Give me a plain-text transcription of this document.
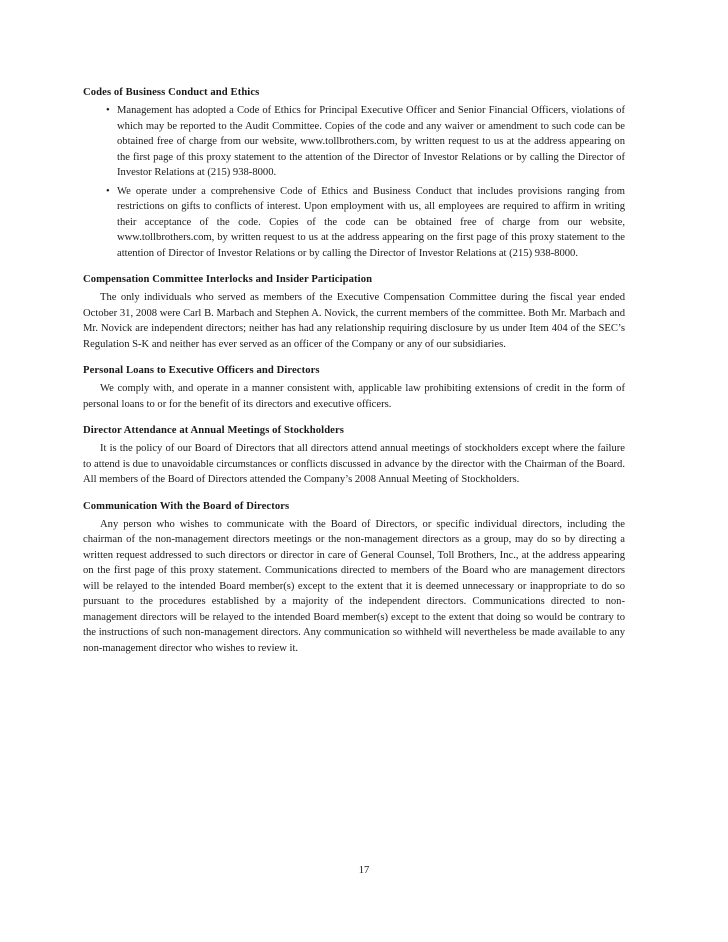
Codes of Business Conduct and Ethics
• Management has adopted a Code of Ethics for Principal Executive Officer and Senior Financial Officers, violations of which may be reported to the Audit Committee. Copies of the code and any waiver or amendment to such code can be obtained free of charge from our website, www.tollbrothers.com, by written request to us at the address appearing on the first page of this proxy statement to the attention of the Director of Investor Relations or by calling the Director of Investor Relations at (215) 938-8000.
• We operate under a comprehensive Code of Ethics and Business Conduct that includes provisions ranging from restrictions on gifts to conflicts of interest. Upon employment with us, all employees are required to affirm in writing their acceptance of the code. Copies of the code can be obtained free of charge from our website, www.tollbrothers.com, by written request to us at the address appearing on the first page of this proxy statement to the attention of Director of Investor Relations or by calling the Director of Investor Relations at (215) 938-8000.
Compensation Committee Interlocks and Insider Participation

The only individuals who served as members of the Executive Compensation Committee during the fiscal year ended October 31, 2008 were Carl B. Marbach and Stephen A. Novick, the current members of the committee. Both Mr. Marbach and Mr. Novick are independent directors; neither has had any relationship requiring disclosure by us under Item 404 of the SEC’s Regulation S-K and neither has ever served as an officer of the Company or any of our subsidiaries.

Personal Loans to Executive Officers and Directors

We comply with, and operate in a manner consistent with, applicable law prohibiting extensions of credit in the form of personal loans to or for the benefit of its directors and executive officers.

Director Attendance at Annual Meetings of Stockholders

It is the policy of our Board of Directors that all directors attend annual meetings of stockholders except where the failure to attend is due to unavoidable circumstances or conflicts discussed in advance by the director with the Chairman of the Board. All members of the Board of Directors attended the Company’s 2008 Annual Meeting of Stockholders.

Communication With the Board of Directors

Any person who wishes to communicate with the Board of Directors, or specific individual directors, including the chairman of the non-management directors meetings or the non-management directors as a group, may do so by directing a written request addressed to such directors or director in care of General Counsel, Toll Brothers, Inc., at the address appearing on the first page of this proxy statement. Communications directed to members of the Board who are management directors will be relayed to the intended Board member(s) except to the extent that it is deemed unnecessary or inappropriate to do so pursuant to the procedures established by a majority of the independent directors. Communications directed to non-management directors will be relayed to the intended Board member(s) except to the extent that doing so would be contrary to the instructions of such non-management directors. Any communication so withheld will nevertheless be made available to any non-management director who wishes to review it.

17
